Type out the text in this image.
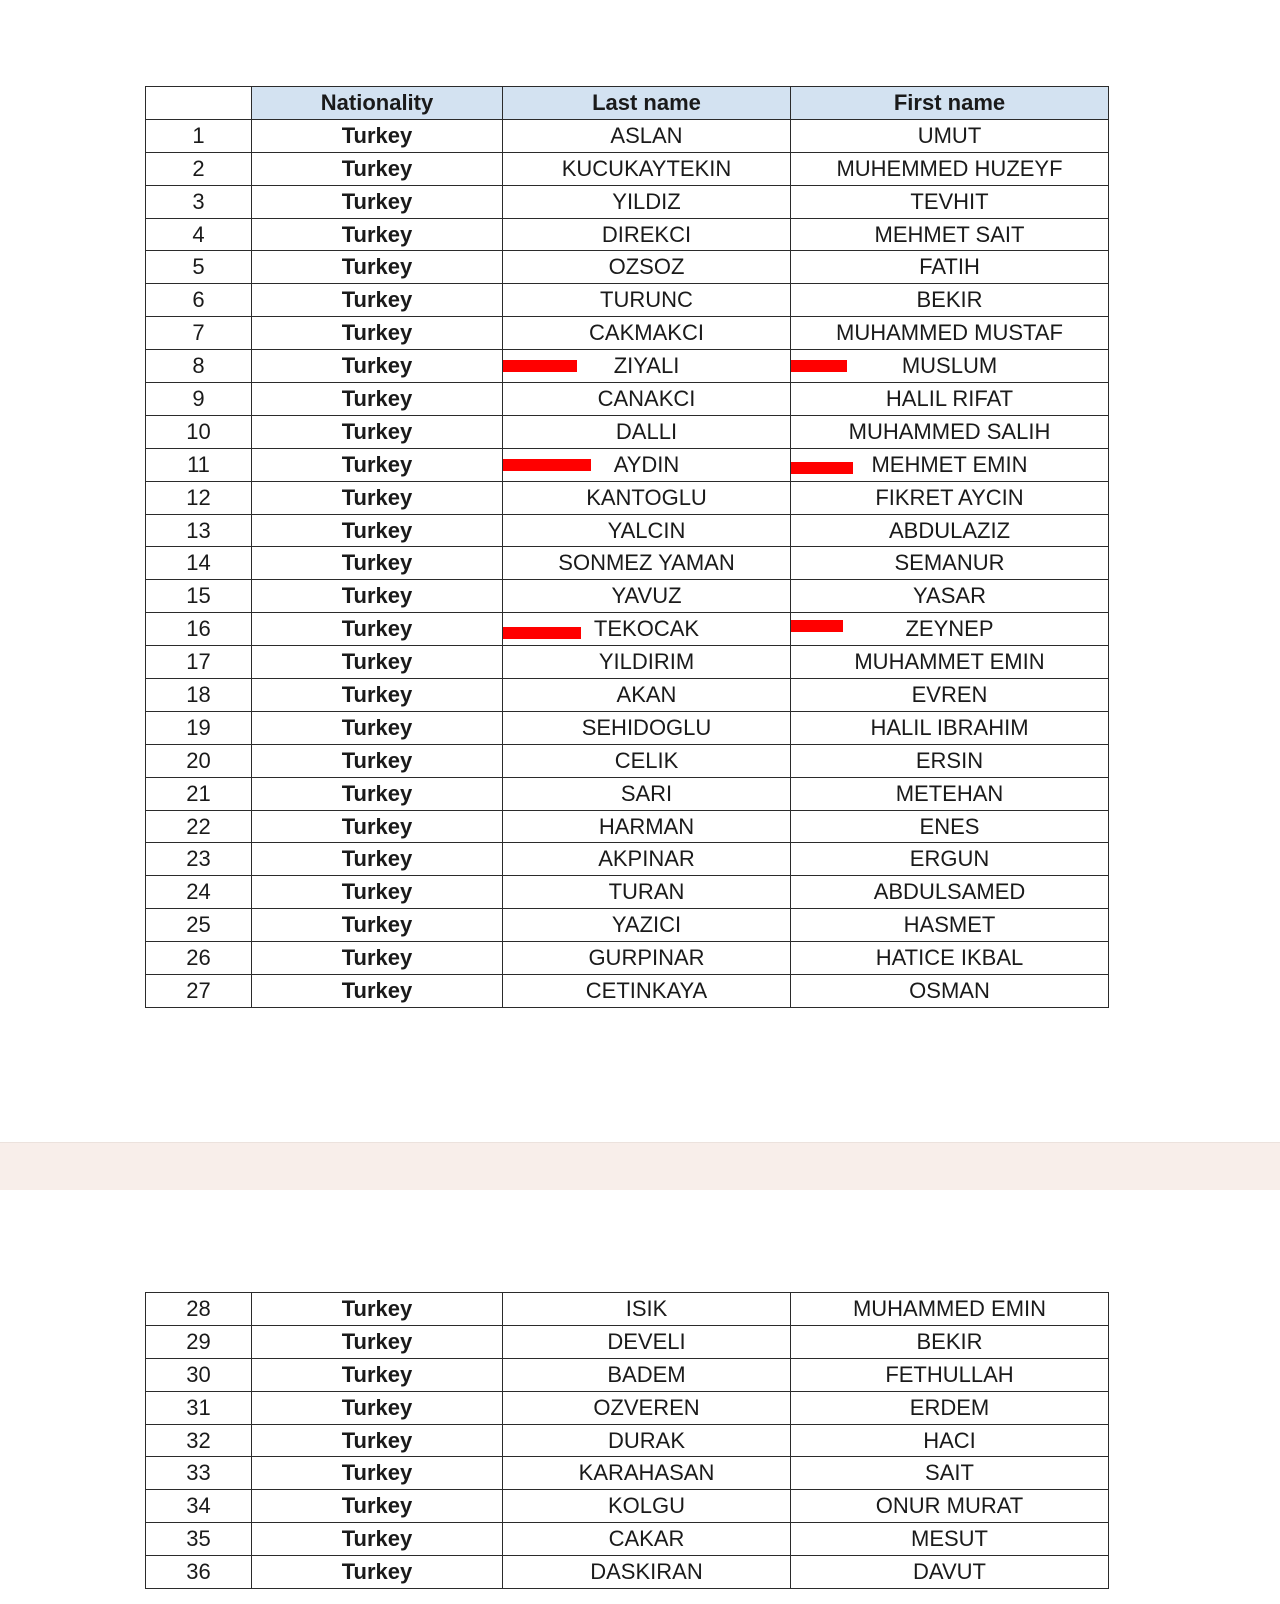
	Nationality	Last name	First name
1	Turkey	ASLAN	UMUT
2	Turkey	KUCUKAYTEKIN	MUHEMMED HUZEYF
3	Turkey	YILDIZ	TEVHIT
4	Turkey	DIREKCI	MEHMET SAIT
5	Turkey	OZSOZ	FATIH
6	Turkey	TURUNC	BEKIR
7	Turkey	CAKMAKCI	MUHAMMED MUSTAF
8	Turkey	ZIYALI	MUSLUM

9	Turkey	CANAKCI	HALIL RIFAT
10	Turkey	DALLI	MUHAMMED SALIH
11	Turkey	AYDIN	MEHMET EMIN

12	Turkey	KANTOGLU	FIKRET AYCIN
13	Turkey	YALCIN	ABDULAZIZ
14	Turkey	SONMEZ YAMAN	SEMANUR
15	Turkey	YAVUZ	YASAR
16	Turkey	TEKOCAK	ZEYNEP

17	Turkey	YILDIRIM	MUHAMMET EMIN
18	Turkey	AKAN	EVREN
19	Turkey	SEHIDOGLU	HALIL IBRAHIM
20	Turkey	CELIK	ERSIN
21	Turkey	SARI	METEHAN
22	Turkey	HARMAN	ENES
23	Turkey	AKPINAR	ERGUN
24	Turkey	TURAN	ABDULSAMED
25	Turkey	YAZICI	HASMET
26	Turkey	GURPINAR	HATICE IKBAL
27	Turkey	CETINKAYA	OSMAN
28	Turkey	ISIK	MUHAMMED EMIN
29	Turkey	DEVELI	BEKIR
30	Turkey	BADEM	FETHULLAH
31	Turkey	OZVEREN	ERDEM
32	Turkey	DURAK	HACI
33	Turkey	KARAHASAN	SAIT
34	Turkey	KOLGU	ONUR MURAT
35	Turkey	CAKAR	MESUT
36	Turkey	DASKIRAN	DAVUT
